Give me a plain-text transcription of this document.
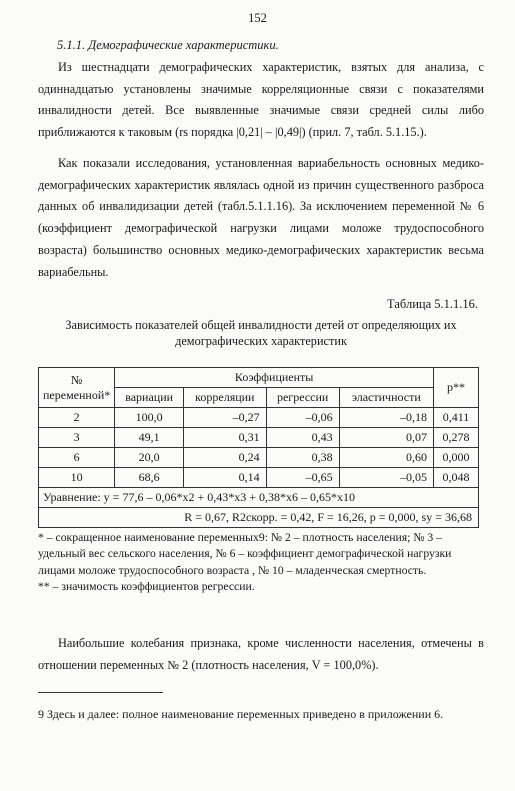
152
5.1.1. Демографические характеристики.

Из шестнадцати демографических характеристик, взятых для анализа, с одиннадцатью установлены значимые корреляционные связи с показателями инвалидности детей. Все выявленные значимые связи средней силы либо приближаются к таковым (rs порядка |0,21| – |0,49|) (прил. 7, табл. 5.1.15.).

Как показали исследования, установленная вариабельность основных медико-демографических характеристик являлась одной из причин существенного разброса данных об инвалидизации детей (табл.5.1.1.16). За исключением переменной № 6 (коэффициент демографической нагрузки лицами моложе трудоспособного возраста) большинство основных медико-демографических характеристик весьма вариабельны.

Таблица 5.1.1.16.
Зависимость показателей общей инвалидности детей от определяющих их демографических характеристик
№ переменной*	Коэффициенты				p**
	вариации	корреляции	регрессии	эластичности	
2	100,0	–0,27	–0,06	–0,18	0,411
3	49,1	0,31	0,43	0,07	0,278
6	20,0	0,24	0,38	0,60	0,000
10	68,6	0,14	–0,65	–0,05	0,048
Уравнение: у = 77,6 – 0,06*х2 + 0,43*х3 + 0,38*х6 – 0,65*х10					
R = 0,67, R2скорр. = 0,42, F = 16,26, p = 0,000, sy = 36,68					

* – сокращенное наименование переменных9: № 2 – плотность населения; № 3 – удельный вес сельского населения, № 6 – коэффициент демографической нагрузки лицами моложе трудоспособного возраста , № 10 – младенческая смертность.

** – значимость коэффициентов регрессии.

Наибольшие колебания признака, кроме численности населения, отмечены в отношении переменных № 2 (плотность населения, V = 100,0%).

9 Здесь и далее: полное наименование переменных приведено в приложении 6.
